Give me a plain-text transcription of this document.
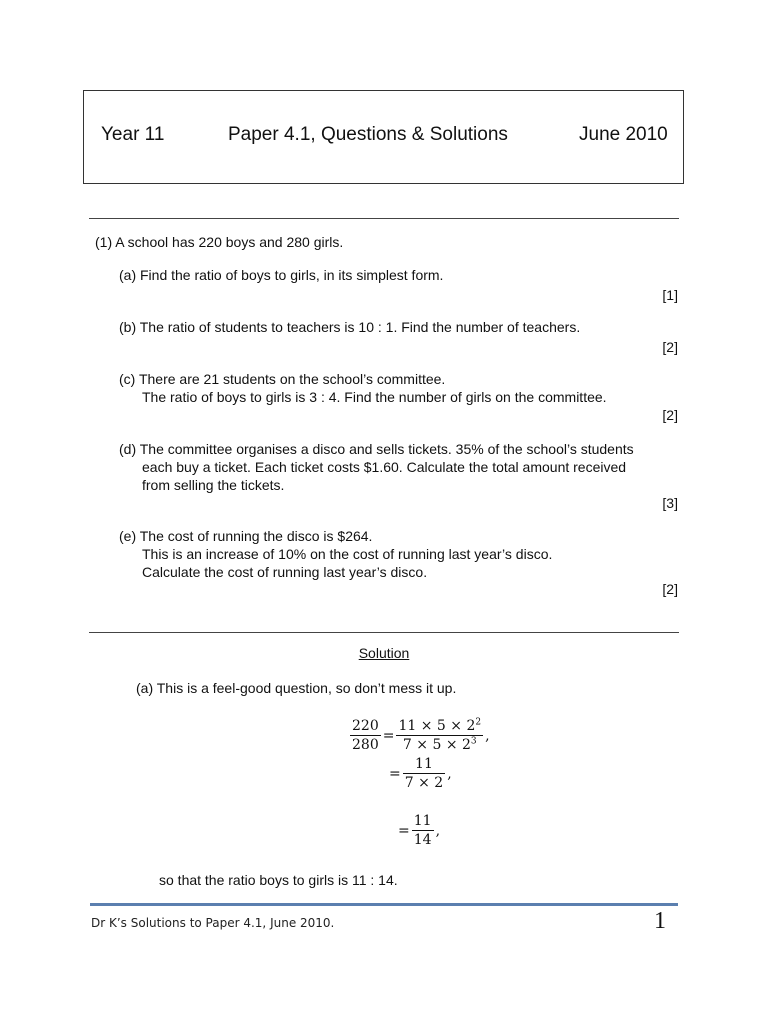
Year 11	Paper 4.1, Questions & Solutions	June 2010
(1) A school has 220 boys and 280 girls.
(a) Find the ratio of boys to girls, in its simplest form.
[1]
(b) The ratio of students to teachers is 10 : 1. Find the number of teachers.
[2]
(c) There are 21 students on the school’s committee.
The ratio of boys to girls is 3 : 4. Find the number of girls on the committee.
[2]
(d) The committee organises a disco and sells tickets. 35% of the school’s students
each buy a ticket. Each ticket costs $1.60. Calculate the total amount received
from selling the tickets.
[3]
(e) The cost of running the disco is $264.
This is an increase of 10% on the cost of running last year’s disco.
Calculate the cost of running last year’s disco.
[2]
Solution
(a) This is a feel-good question, so don’t mess it up.
$\frac{220}{280} = \frac{11 \times 5 \times 2^2}{7 \times 5 \times 2^3}$ ,
= $\frac{11}{7 \times 2}$ ,
= $\frac{11}{14}$ ,
so that the ratio boys to girls is 11 : 14.
Dr K’s Solutions to Paper 4.1, June 2010.	1
